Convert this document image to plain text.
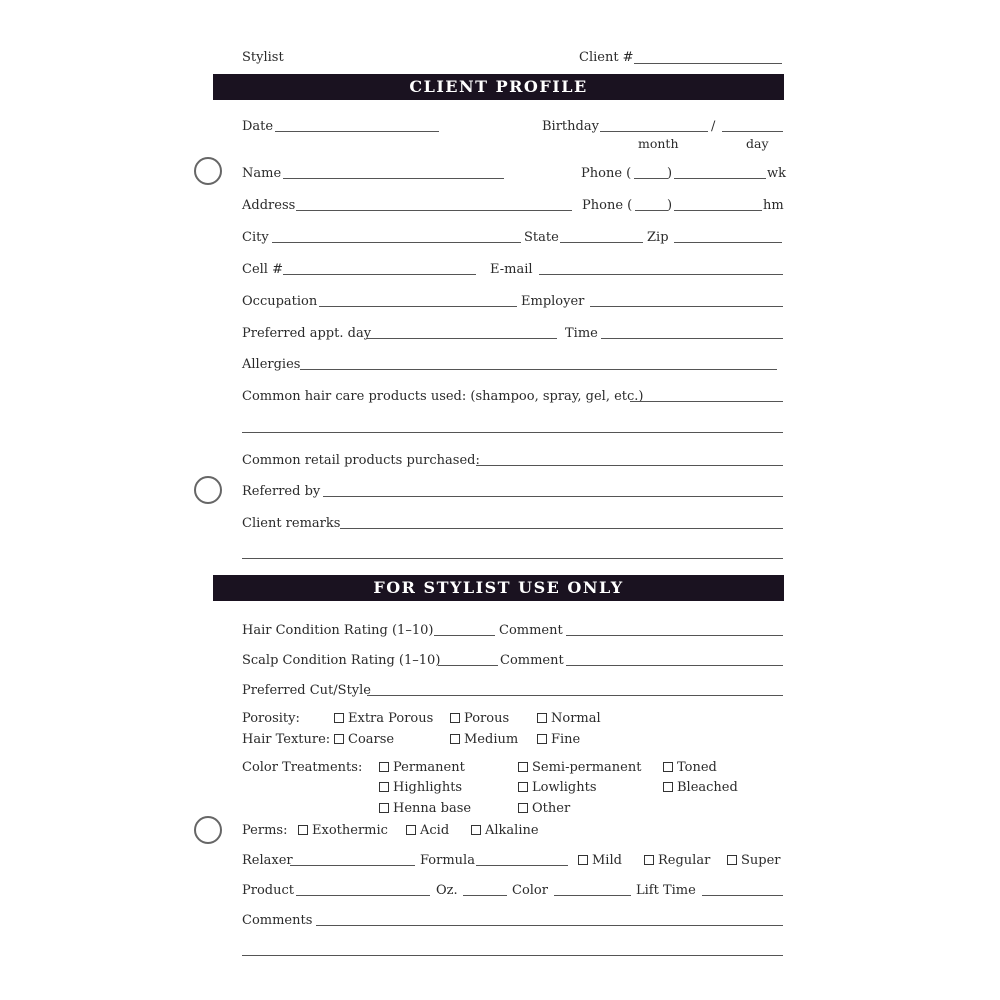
Stylist	Client #
CLIENT PROFILE
Date	Birthday	/
month	day
Name	Phone (	)	wk
Address	Phone (	)	hm
City	State	Zip
Cell #	E-mail
Occupation	Employer
Preferred appt. day	Time
Allergies
Common hair care products used: (shampoo, spray, gel, etc.)
Common retail products purchased:
Referred by
Client remarks
FOR STYLIST USE ONLY
Hair Condition Rating (1–10)	Comment
Scalp Condition Rating (1–10)	Comment
Preferred Cut/Style
Porosity:	Extra Porous Porous	Normal
Hair Texture: Coarse	Medium	Fine
Color Treatments: Permanent	Semi-permanent	Toned
Highlights	Lowlights	Bleached
Henna base	Other
Perms: Exothermic Acid	Alkaline
Relaxer	Formula	Mild	Regular Super
Product	Oz.	Color	Lift Time
Comments
